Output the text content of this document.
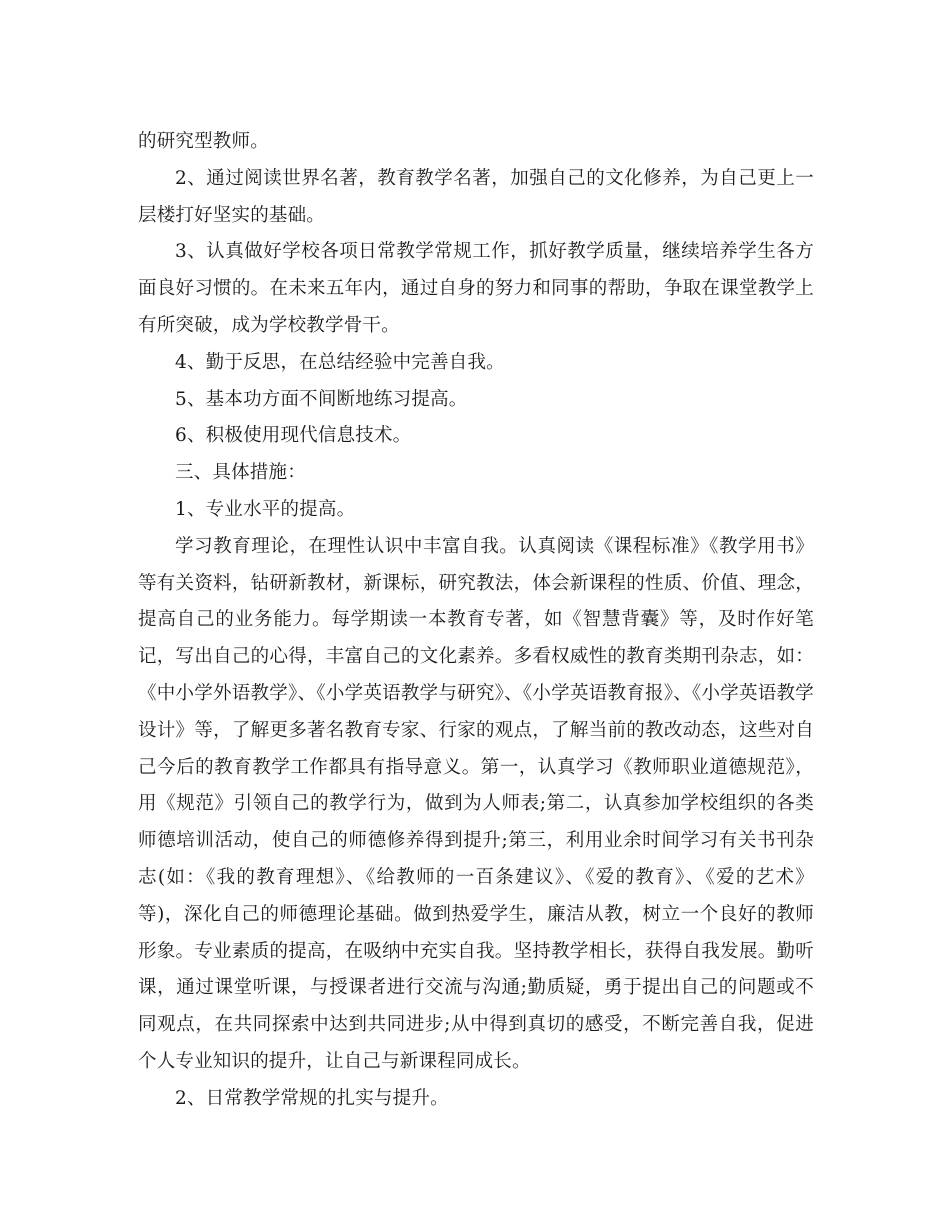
的研究型教师。

2、通过阅读世界名著，教育教学名著，加强自己的文化修养，为自己更上一层楼打好坚实的基础。

3、认真做好学校各项日常教学常规工作，抓好教学质量，继续培养学生各方面良好习惯的。在未来五年内，通过自身的努力和同事的帮助，争取在课堂教学上有所突破，成为学校教学骨干。

4、勤于反思，在总结经验中完善自我。

5、基本功方面不间断地练习提高。

6、积极使用现代信息技术。

三、具体措施：

1、专业水平的提高。

学习教育理论，在理性认识中丰富自我。认真阅读《课程标准》《教学用书》等有关资料，钻研新教材，新课标，研究教法，体会新课程的性质、价值、理念，提高自己的业务能力。每学期读一本教育专著，如《智慧背囊》等，及时作好笔记，写出自己的心得，丰富自己的文化素养。多看权威性的教育类期刊杂志，如：《中小学外语教学》、《小学英语教学与研究》、《小学英语教育报》、《小学英语教学设计》等，了解更多著名教育专家、行家的观点，了解当前的教改动态，这些对自己今后的教育教学工作都具有指导意义。第一，认真学习《教师职业道德规范》，用《规范》引领自己的教学行为，做到为人师表;第二，认真参加学校组织的各类师德培训活动，使自己的师德修养得到提升;第三，利用业余时间学习有关书刊杂志(如：《我的教育理想》、《给教师的一百条建议》、《爱的教育》、《爱的艺术》等)，深化自己的师德理论基础。做到热爱学生，廉洁从教，树立一个良好的教师形象。专业素质的提高，在吸纳中充实自我。坚持教学相长，获得自我发展。勤听课，通过课堂听课，与授课者进行交流与沟通;勤质疑，勇于提出自己的问题或不同观点，在共同探索中达到共同进步;从中得到真切的感受，不断完善自我，促进个人专业知识的提升，让自己与新课程同成长。

2、日常教学常规的扎实与提升。
